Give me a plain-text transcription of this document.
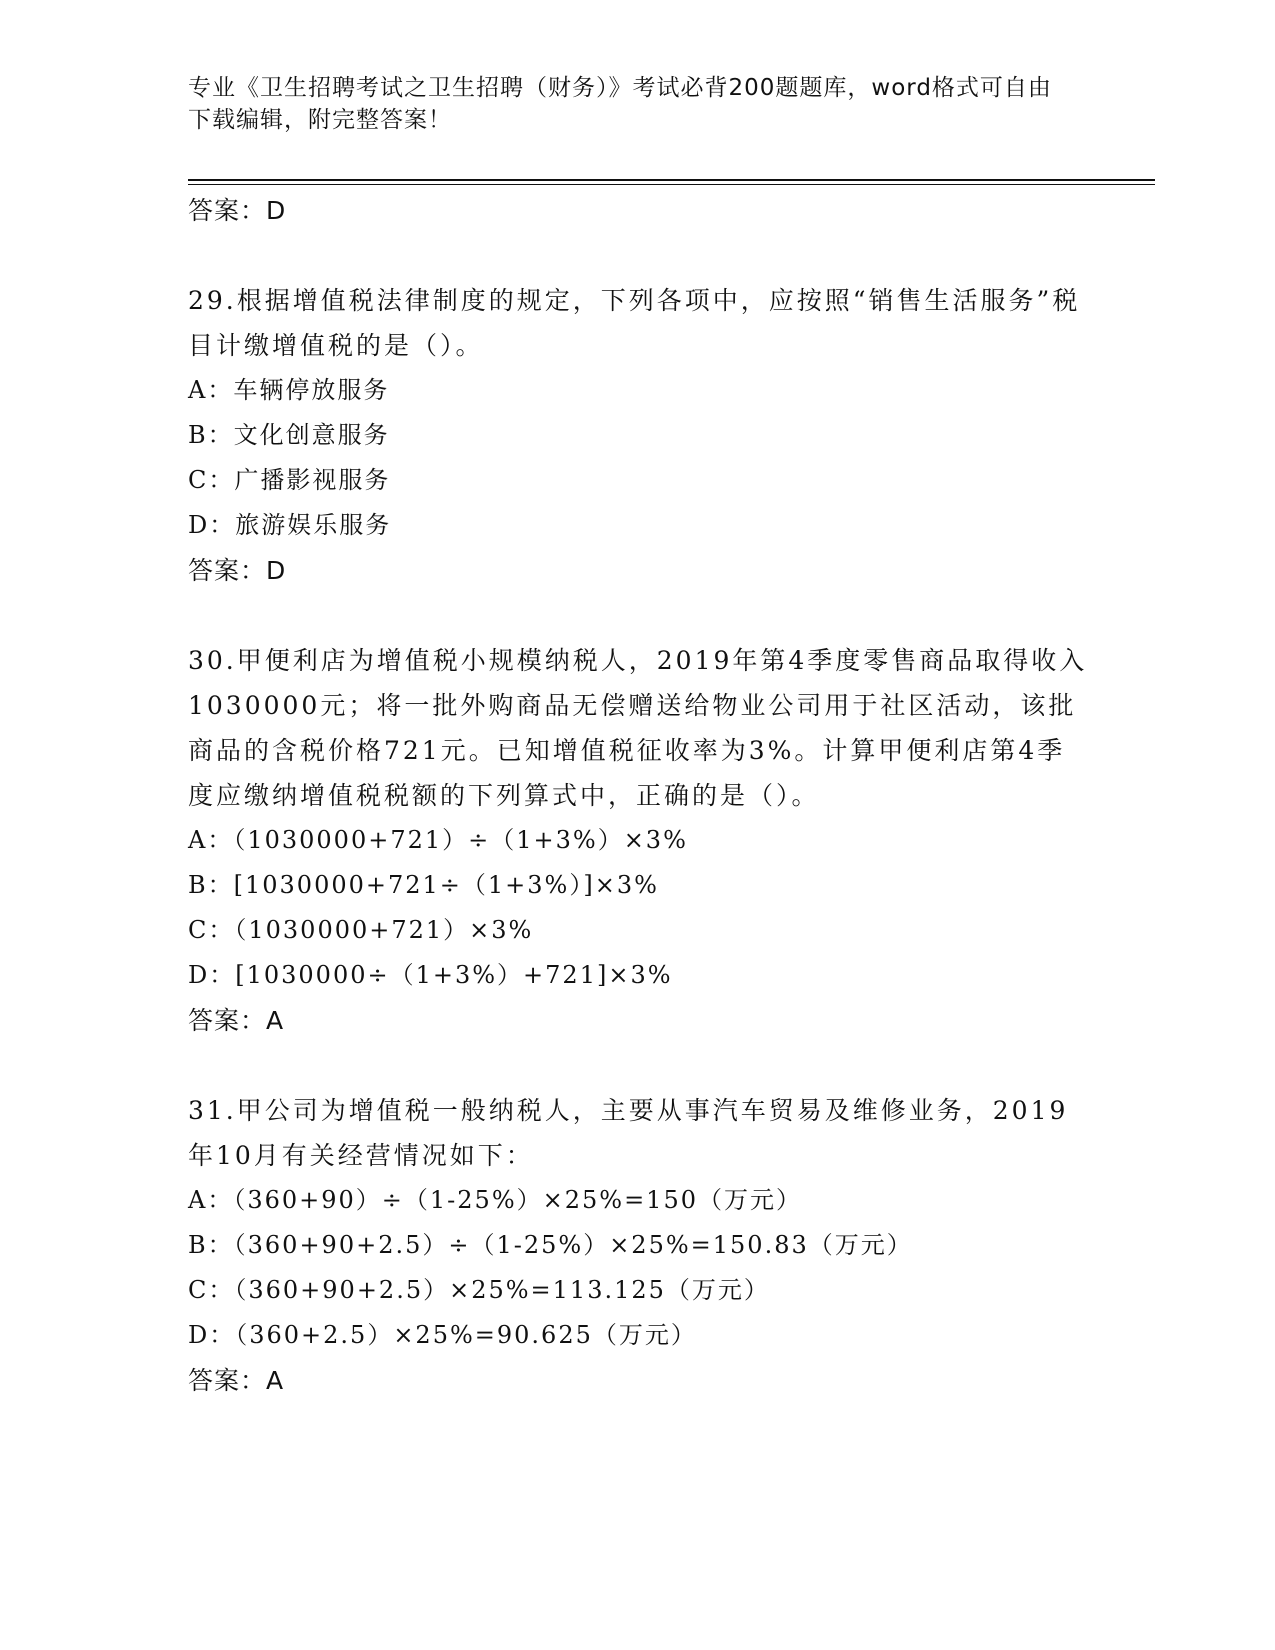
专业《卫生招聘考试之卫生招聘（财务）》考试必背200题题库，word格式可自由下载编辑，附完整答案！
答案：D

29.根据增值税法律制度的规定，下列各项中，应按照“销售生活服务”税目计缴增值税的是（）。

A：车辆停放服务
B：文化创意服务
C：广播影视服务
D：旅游娱乐服务
答案：D

30.甲便利店为增值税小规模纳税人，2019年第4季度零售商品取得收入1030000元；将一批外购商品无偿赠送给物业公司用于社区活动，该批商品的含税价格721元。已知增值税征收率为3%。计算甲便利店第4季度应缴纳增值税税额的下列算式中，正确的是（）。

A：（1030000+721）÷（1+3%）×3%
B：[1030000+721÷（1+3%）]×3%
C：（1030000+721）×3%
D：[1030000÷（1+3%）+721]×3%
答案：A

31.甲公司为增值税一般纳税人，主要从事汽车贸易及维修业务，2019年10月有关经营情况如下：

A：（360+90）÷（1-25%）×25%=150（万元）
B：（360+90+2.5）÷（1-25%）×25%=150.83（万元）
C：（360+90+2.5）×25%=113.125（万元）
D：（360+2.5）×25%=90.625（万元）
答案：A
